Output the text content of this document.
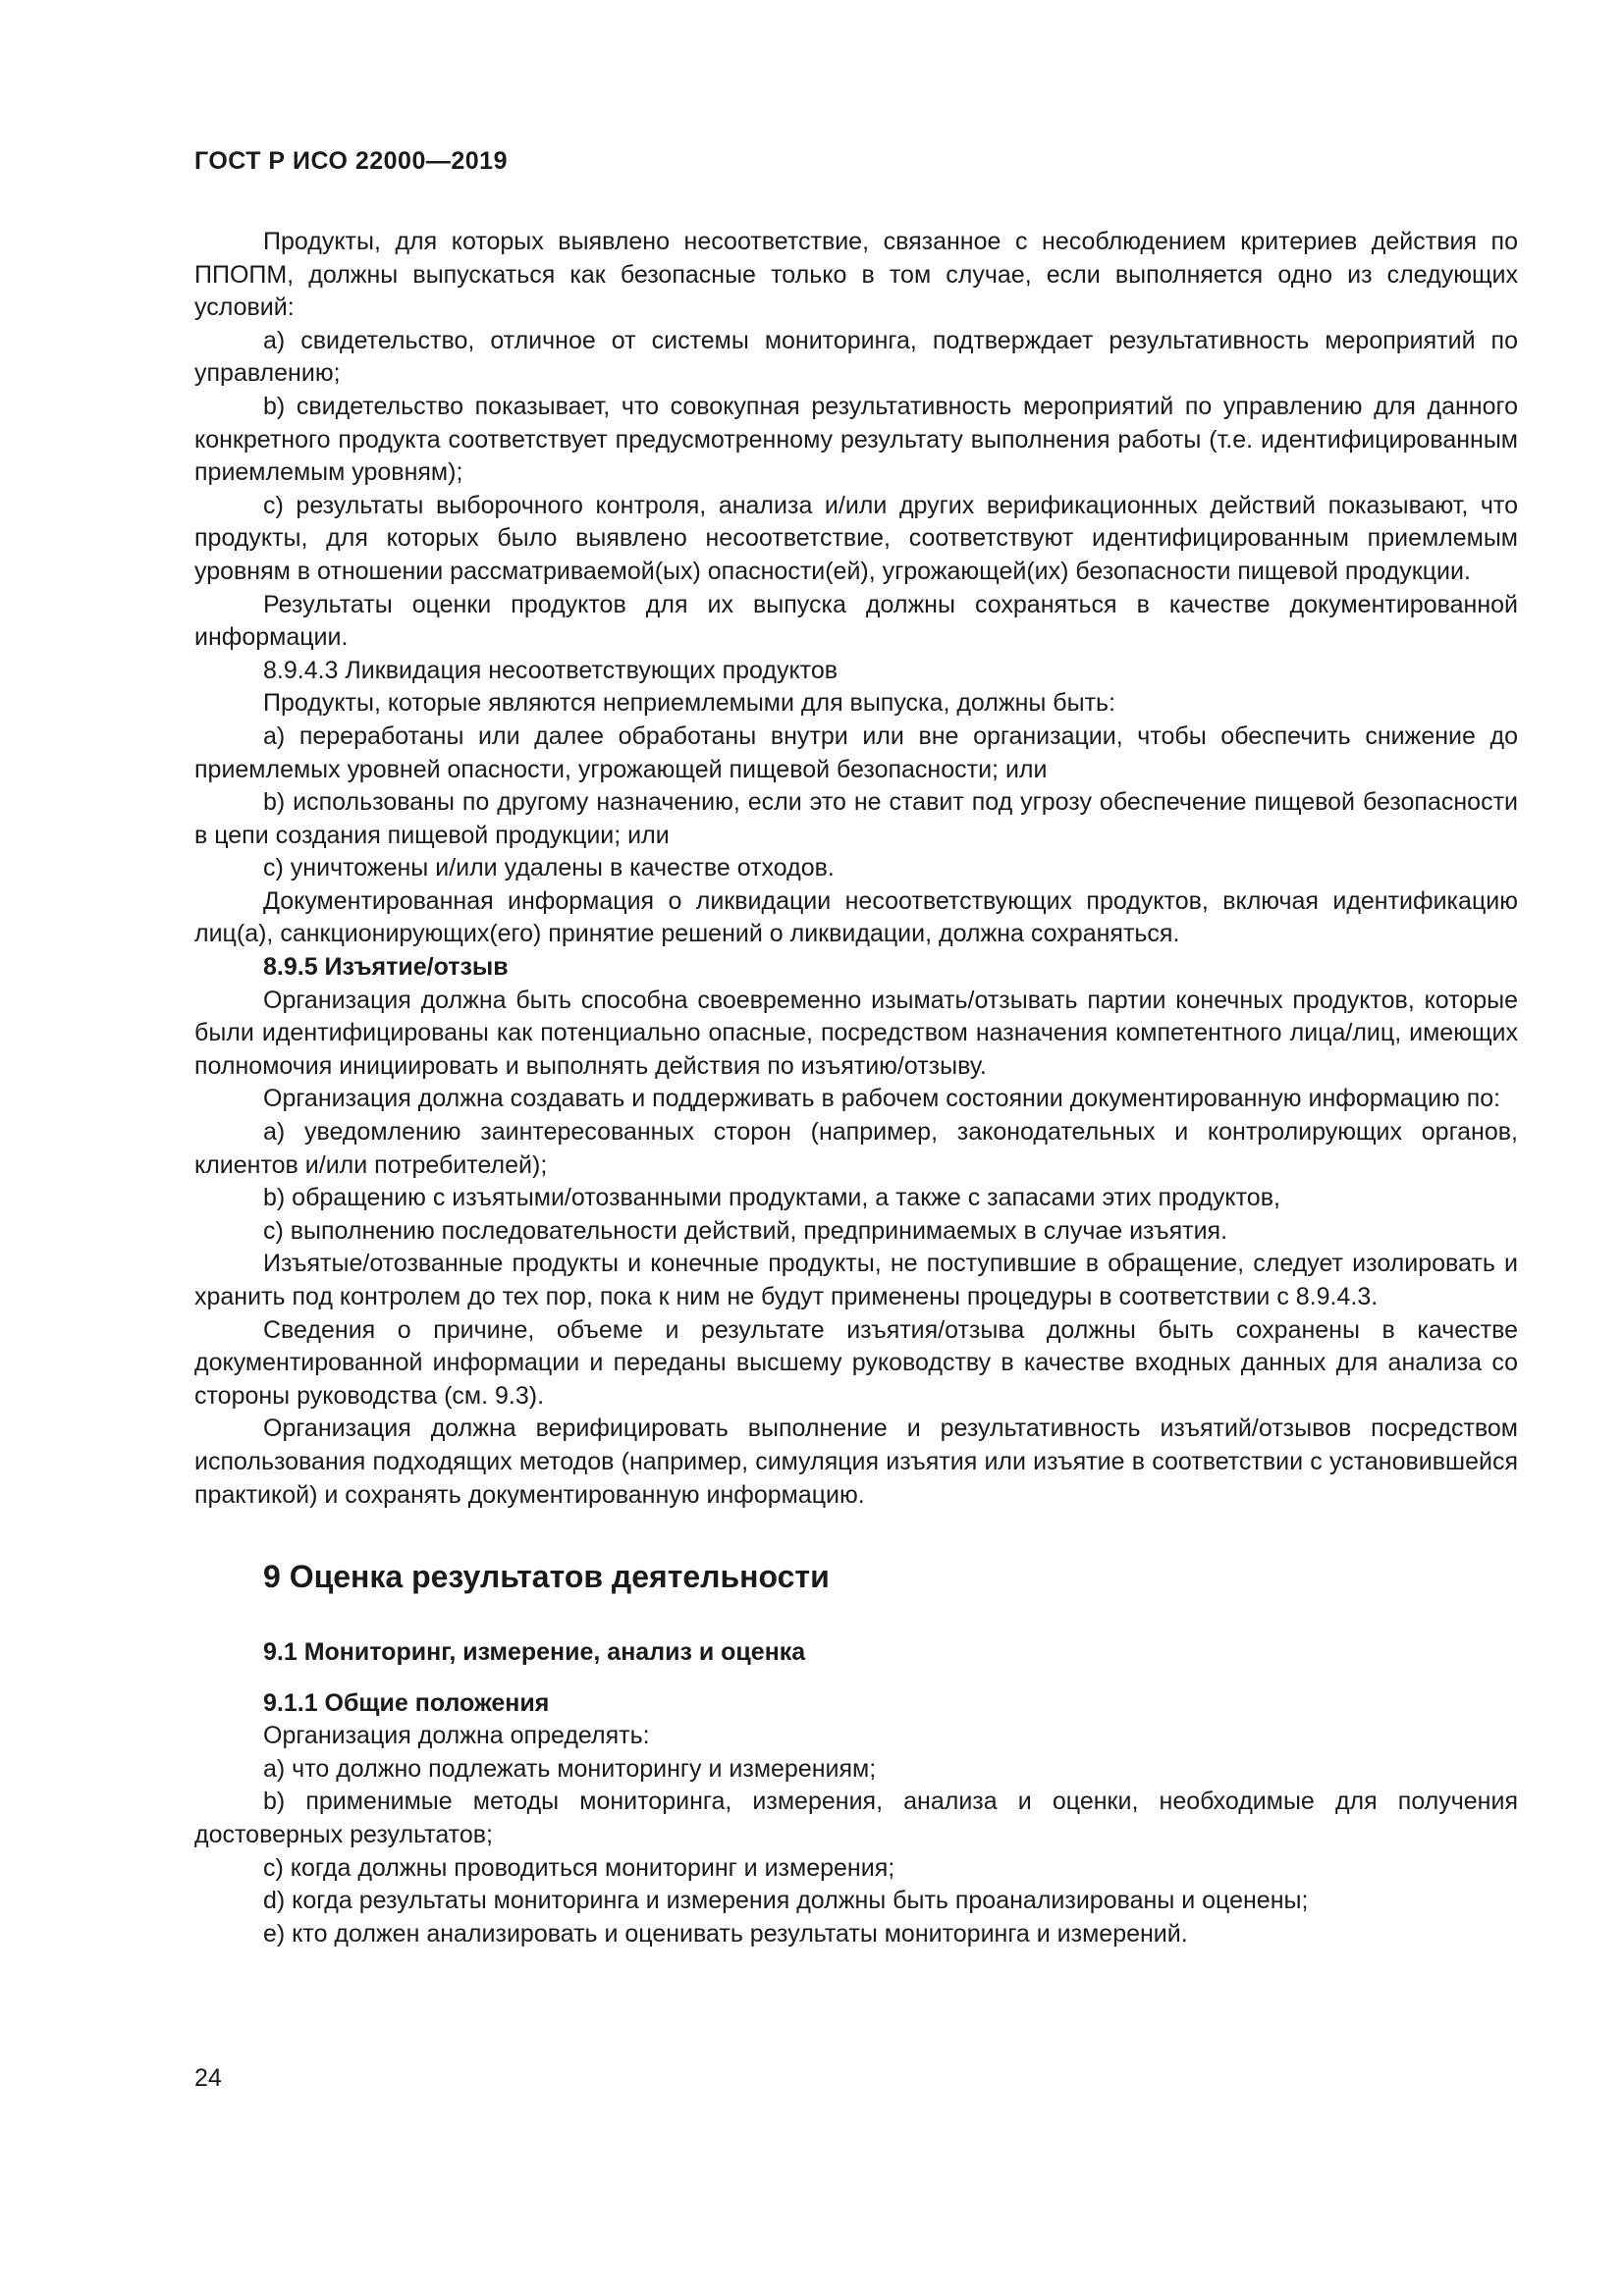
ГОСТ Р ИСО 22000—2019

Продукты, для которых выявлено несоответствие, связанное с несоблюдением критериев действия по ППОПМ, должны выпускаться как безопасные только в том случае, если выполняется одно из следующих условий:

a) свидетельство, отличное от системы мониторинга, подтверждает результативность мероприятий по управлению;

b) свидетельство показывает, что совокупная результативность мероприятий по управлению для данного конкретного продукта соответствует предусмотренному результату выполнения работы (т.е. идентифицированным приемлемым уровням);

c) результаты выборочного контроля, анализа и/или других верификационных действий показывают, что продукты, для которых было выявлено несоответствие, соответствуют идентифицированным приемлемым уровням в отношении рассматриваемой(ых) опасности(ей), угрожающей(их) безопасности пищевой продукции.

Результаты оценки продуктов для их выпуска должны сохраняться в качестве документированной информации.

8.9.4.3 Ликвидация несоответствующих продуктов

Продукты, которые являются неприемлемыми для выпуска, должны быть:

a) переработаны или далее обработаны внутри или вне организации, чтобы обеспечить снижение до приемлемых уровней опасности, угрожающей пищевой безопасности; или

b) использованы по другому назначению, если это не ставит под угрозу обеспечение пищевой безопасности в цепи создания пищевой продукции; или

c) уничтожены и/или удалены в качестве отходов.

Документированная информация о ликвидации несоответствующих продуктов, включая идентификацию лиц(а), санкционирующих(его) принятие решений о ликвидации, должна сохраняться.

8.9.5 Изъятие/отзыв

Организация должна быть способна своевременно изымать/отзывать партии конечных продуктов, которые были идентифицированы как потенциально опасные, посредством назначения компетентного лица/лиц, имеющих полномочия инициировать и выполнять действия по изъятию/отзыву.

Организация должна создавать и поддерживать в рабочем состоянии документированную информацию по:

a) уведомлению заинтересованных сторон (например, законодательных и контролирующих органов, клиентов и/или потребителей);

b) обращению с изъятыми/отозванными продуктами, а также с запасами этих продуктов,

c) выполнению последовательности действий, предпринимаемых в случае изъятия.

Изъятые/отозванные продукты и конечные продукты, не поступившие в обращение, следует изолировать и хранить под контролем до тех пор, пока к ним не будут применены процедуры в соответствии с 8.9.4.3.

Сведения о причине, объеме и результате изъятия/отзыва должны быть сохранены в качестве документированной информации и переданы высшему руководству в качестве входных данных для анализа со стороны руководства (см. 9.3).

Организация должна верифицировать выполнение и результативность изъятий/отзывов посредством использования подходящих методов (например, симуляция изъятия или изъятие в соответствии с установившейся практикой) и сохранять документированную информацию.

9 Оценка результатов деятельности
9.1 Мониторинг, измерение, анализ и оценка
9.1.1 Общие положения

Организация должна определять:

a) что должно подлежать мониторингу и измерениям;

b) применимые методы мониторинга, измерения, анализа и оценки, необходимые для получения достоверных результатов;

c) когда должны проводиться мониторинг и измерения;

d) когда результаты мониторинга и измерения должны быть проанализированы и оценены;

e) кто должен анализировать и оценивать результаты мониторинга и измерений.

24
